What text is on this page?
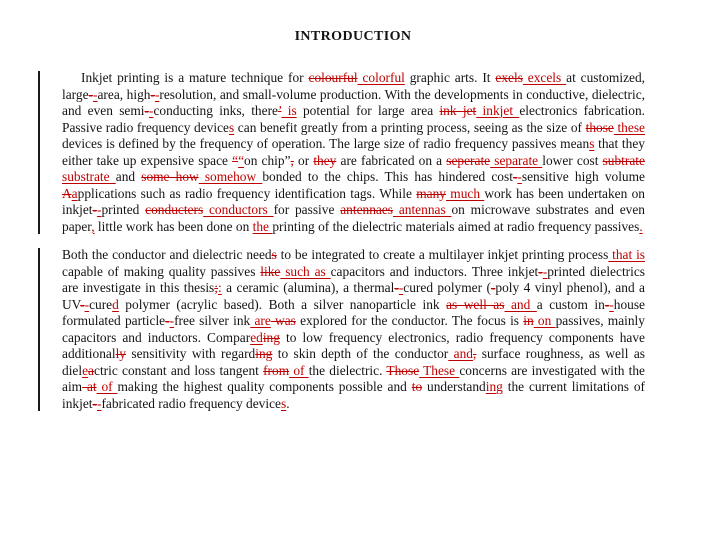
INTRODUCTION

Inkjet printing is a mature technique for colourful colorful graphic arts. It exels excels at customized, large--area, high--resolution, and small-volume production. With the developments in conductive, dielectric, and even semi--conducting inks, there’ is potential for large area ink jet inkjet electronics fabrication. Passive radio frequency devices can benefit greatly from a printing process, seeing as the size of those these devices is defined by the frequency of operation. The large size of radio frequency passives means that they either take up expensive space ““on chip”, or they are fabricated on a seperate separate lower cost subtrate substrate and some how somehow bonded to the chips. This has hindered cost--sensitive high volume Aapplications such as radio frequency identification tags. While many much work has been undertaken on inkjet--printed conducters conductors for passive antennaes antennas on microwave substrates and even paper, little work has been done on the printing of the dielectric materials aimed at radio frequency passives.

Both the conductor and dielectric needs to be integrated to create a multilayer inkjet printing process that is capable of making quality passives like such as capacitors and inductors. Three inkjet--printed dielectrics are investigate in this thesis;: a ceramic (alumina), a thermal--cured polymer (-poly 4 vinyl phenol), and a UV--cured polymer (acrylic based). Both a silver nanoparticle ink as well as and a custom in--house formulated particle--free silver ink are was explored for the conductor. The focus is in on passives, mainly capacitors and inductors. Compareding to low frequency electronics, radio frequency components have additionally sensitivity with regarding to skin depth of the conductor and, surface roughness, as well as dieleactric constant and loss tangent from of the dielectric. Those These concerns are investigated with the aim at of making the highest quality components possible and to understanding the current limitations of inkjet--fabricated radio frequency devices.
